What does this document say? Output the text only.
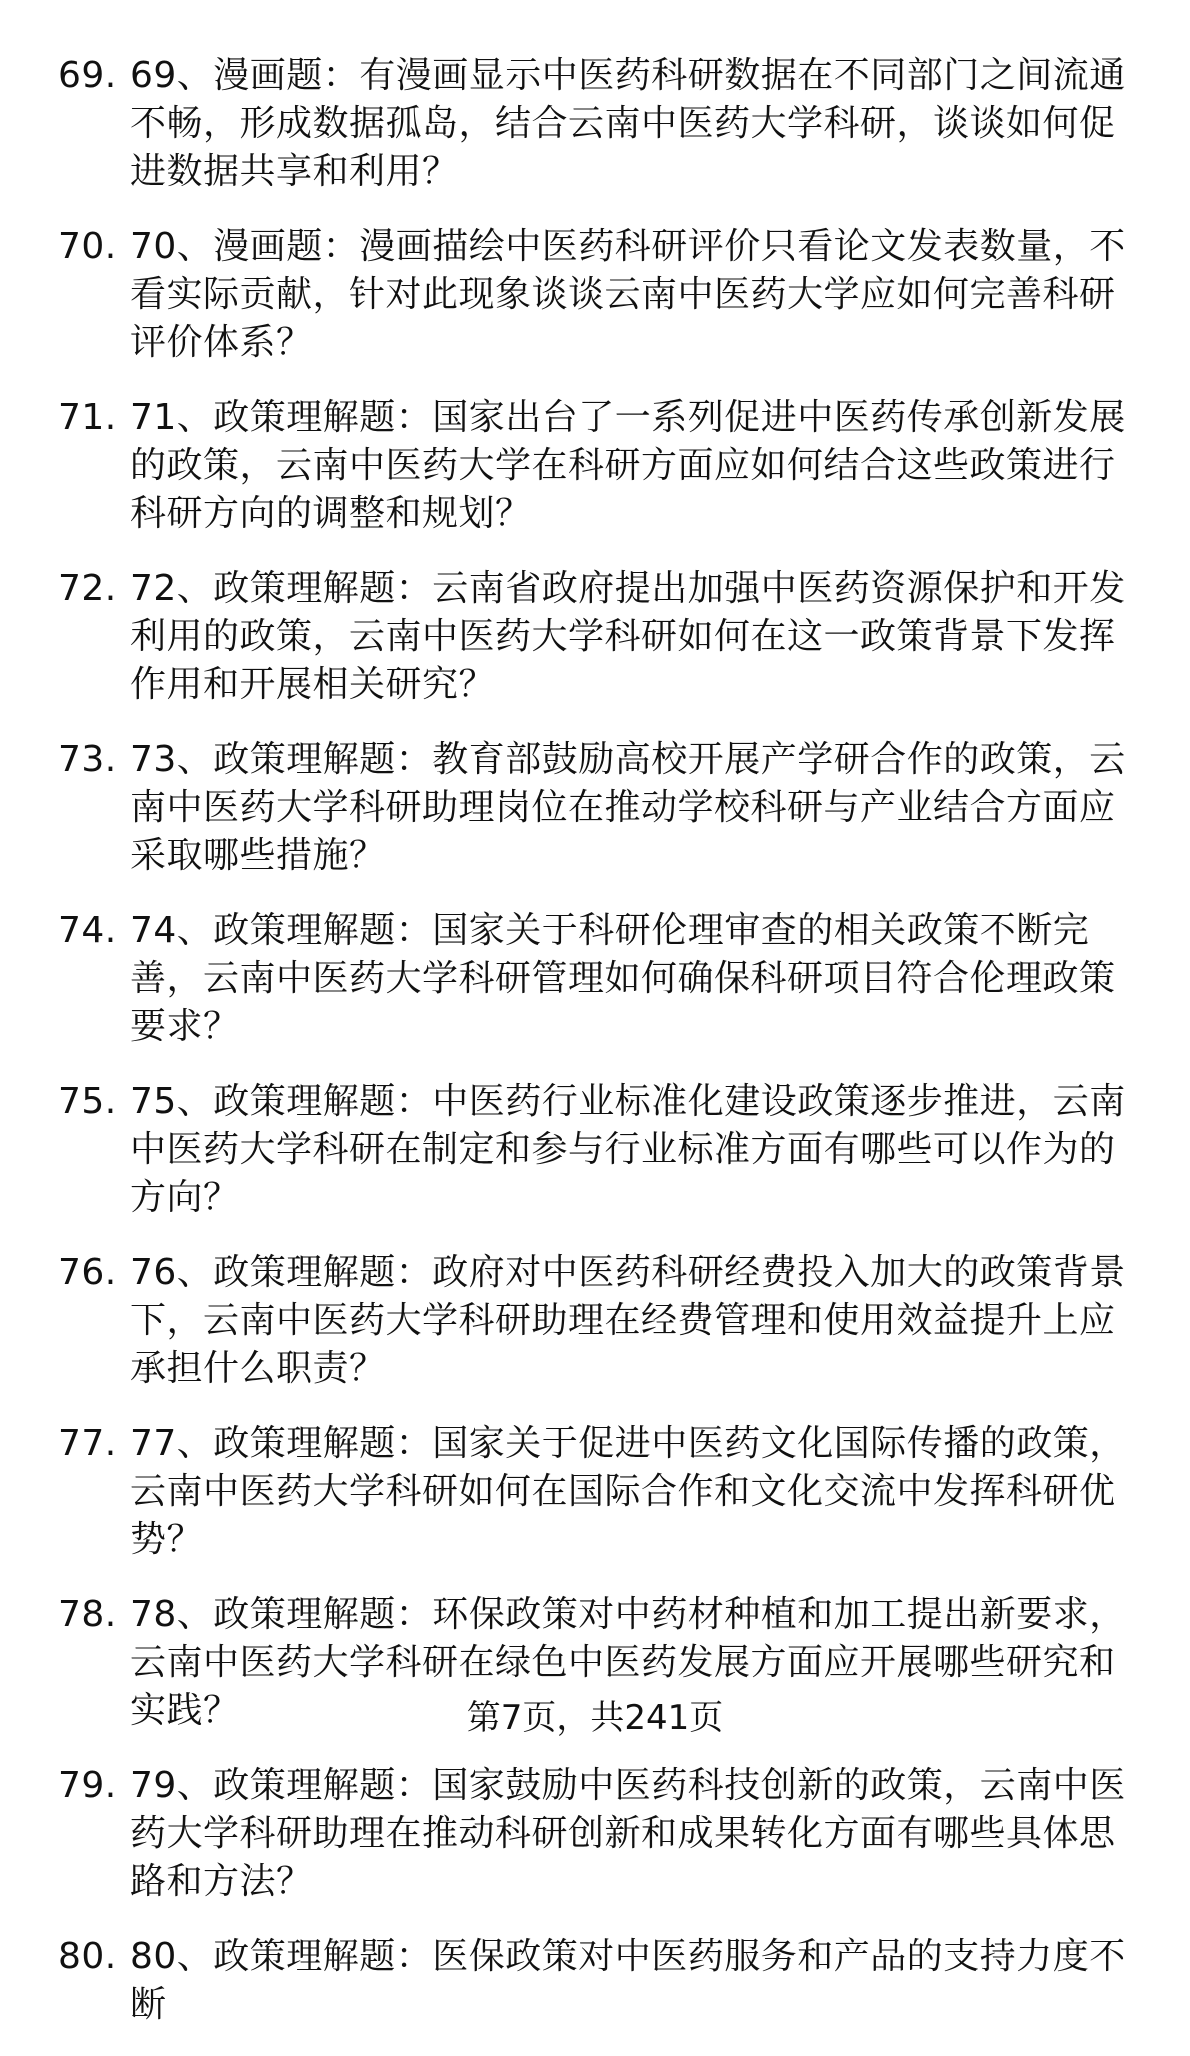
69. 69、漫画题：有漫画显示中医药科研数据在不同部门之间流通不畅，形成数据孤岛，结合云南中医药大学科研，谈谈如何促进数据共享和利用？
70. 70、漫画题：漫画描绘中医药科研评价只看论文发表数量，不看实际贡献，针对此现象谈谈云南中医药大学应如何完善科研评价体系？
71. 71、政策理解题：国家出台了一系列促进中医药传承创新发展的政策，云南中医药大学在科研方面应如何结合这些政策进行科研方向的调整和规划？
72. 72、政策理解题：云南省政府提出加强中医药资源保护和开发利用的政策，云南中医药大学科研如何在这一政策背景下发挥作用和开展相关研究？
73. 73、政策理解题：教育部鼓励高校开展产学研合作的政策，云南中医药大学科研助理岗位在推动学校科研与产业结合方面应采取哪些措施？
74. 74、政策理解题：国家关于科研伦理审查的相关政策不断完善，云南中医药大学科研管理如何确保科研项目符合伦理政策要求？
75. 75、政策理解题：中医药行业标准化建设政策逐步推进，云南中医药大学科研在制定和参与行业标准方面有哪些可以作为的方向？
76. 76、政策理解题：政府对中医药科研经费投入加大的政策背景下，云南中医药大学科研助理在经费管理和使用效益提升上应承担什么职责？
77. 77、政策理解题：国家关于促进中医药文化国际传播的政策，云南中医药大学科研如何在国际合作和文化交流中发挥科研优势？
78. 78、政策理解题：环保政策对中药材种植和加工提出新要求，云南中医药大学科研在绿色中医药发展方面应开展哪些研究和实践？
79. 79、政策理解题：国家鼓励中医药科技创新的政策，云南中医药大学科研助理在推动科研创新和成果转化方面有哪些具体思路和方法？
80. 80、政策理解题：医保政策对中医药服务和产品的支持力度不断
第7页，共241页
